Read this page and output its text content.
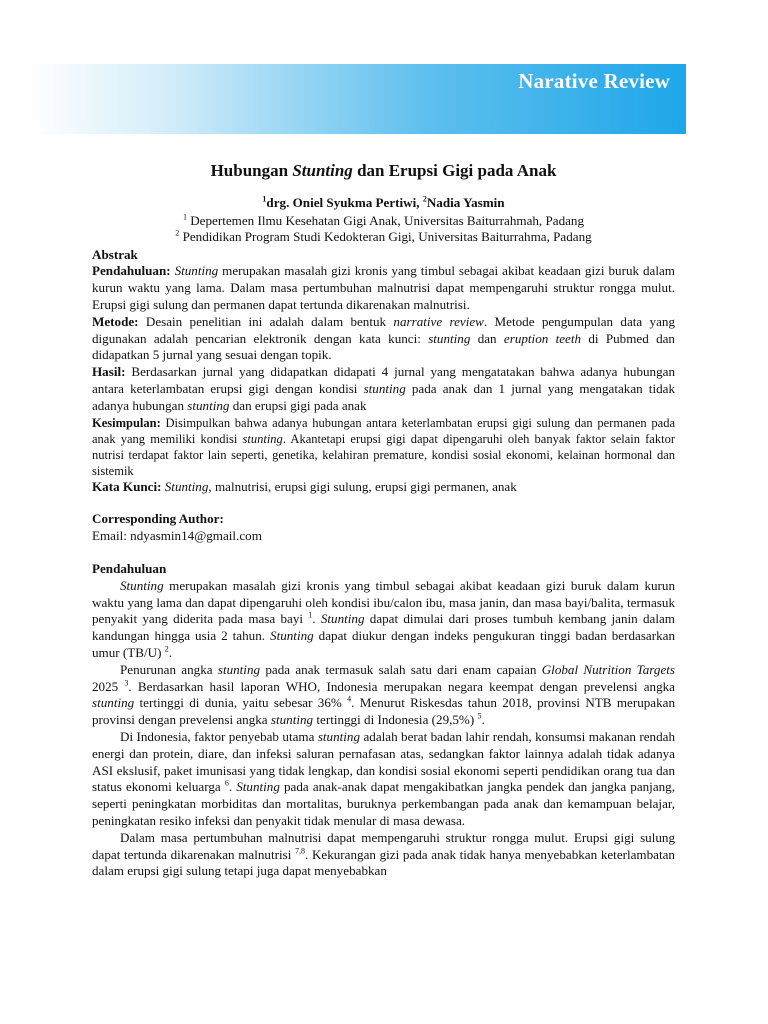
Narative Review
Hubungan Stunting dan Erupsi Gigi pada Anak
$^1$drg. Oniel Syukma Pertiwi, $^2$Nadia Yasmin
$^1$ Depertemen Ilmu Kesehatan Gigi Anak, Universitas Baiturrahmah, Padang
$^2$ Pendidikan Program Studi Kedokteran Gigi, Universitas Baiturrahma, Padang
Abstrak

Pendahuluan: Stunting merupakan masalah gizi kronis yang timbul sebagai akibat keadaan gizi buruk dalam kurun waktu yang lama. Dalam masa pertumbuhan malnutrisi dapat mempengaruhi struktur rongga mulut. Erupsi gigi sulung dan permanen dapat tertunda dikarenakan malnutrisi.

Metode: Desain penelitian ini adalah dalam bentuk narrative review. Metode pengumpulan data yang digunakan adalah pencarian elektronik dengan kata kunci: stunting dan eruption teeth di Pubmed dan didapatkan 5 jurnal yang sesuai dengan topik.

Hasil: Berdasarkan jurnal yang didapatkan didapati 4 jurnal yang mengatatakan bahwa adanya hubungan antara keterlambatan erupsi gigi dengan kondisi stunting pada anak dan 1 jurnal yang mengatakan tidak adanya hubungan stunting dan erupsi gigi pada anak

Kesimpulan: Disimpulkan bahwa adanya hubungan antara keterlambatan erupsi gigi sulung dan permanen pada anak yang memiliki kondisi stunting. Akantetapi erupsi gigi dapat dipengaruhi oleh banyak faktor selain faktor nutrisi terdapat faktor lain seperti, genetika, kelahiran premature, kondisi sosial ekonomi, kelainan hormonal dan sistemik

Kata Kunci: Stunting, malnutrisi, erupsi gigi sulung, erupsi gigi permanen, anak

Corresponding Author:
Email: ndyasmin14@gmail.com
Pendahuluan

Stunting merupakan masalah gizi kronis yang timbul sebagai akibat keadaan gizi buruk dalam kurun waktu yang lama dan dapat dipengaruhi oleh kondisi ibu/calon ibu, masa janin, dan masa bayi/balita, termasuk penyakit yang diderita pada masa bayi $^1$. Stunting dapat dimulai dari proses tumbuh kembang janin dalam kandungan hingga usia 2 tahun. Stunting dapat diukur dengan indeks pengukuran tinggi badan berdasarkan umur (TB/U) $^2$.

Penurunan angka stunting pada anak termasuk salah satu dari enam capaian Global Nutrition Targets 2025 $^3$. Berdasarkan hasil laporan WHO, Indonesia merupakan negara keempat dengan prevelensi angka stunting tertinggi di dunia, yaitu sebesar 36% $^4$. Menurut Riskesdas tahun 2018, provinsi NTB merupakan provinsi dengan prevelensi angka stunting tertinggi di Indonesia (29,5%) $^5$.

Di Indonesia, faktor penyebab utama stunting adalah berat badan lahir rendah, konsumsi makanan rendah energi dan protein, diare, dan infeksi saluran pernafasan atas, sedangkan faktor lainnya adalah tidak adanya ASI ekslusif, paket imunisasi yang tidak lengkap, dan kondisi sosial ekonomi seperti pendidikan orang tua dan status ekonomi keluarga $^6$. Stunting pada anak-anak dapat mengakibatkan jangka pendek dan jangka panjang, seperti peningkatan morbiditas dan mortalitas, buruknya perkembangan pada anak dan kemampuan belajar, peningkatan resiko infeksi dan penyakit tidak menular di masa dewasa.

Dalam masa pertumbuhan malnutrisi dapat mempengaruhi struktur rongga mulut. Erupsi gigi sulung dapat tertunda dikarenakan malnutrisi $^{7,8}$. Kekurangan gizi pada anak tidak hanya menyebabkan keterlambatan dalam erupsi gigi sulung tetapi juga dapat menyebabkan
